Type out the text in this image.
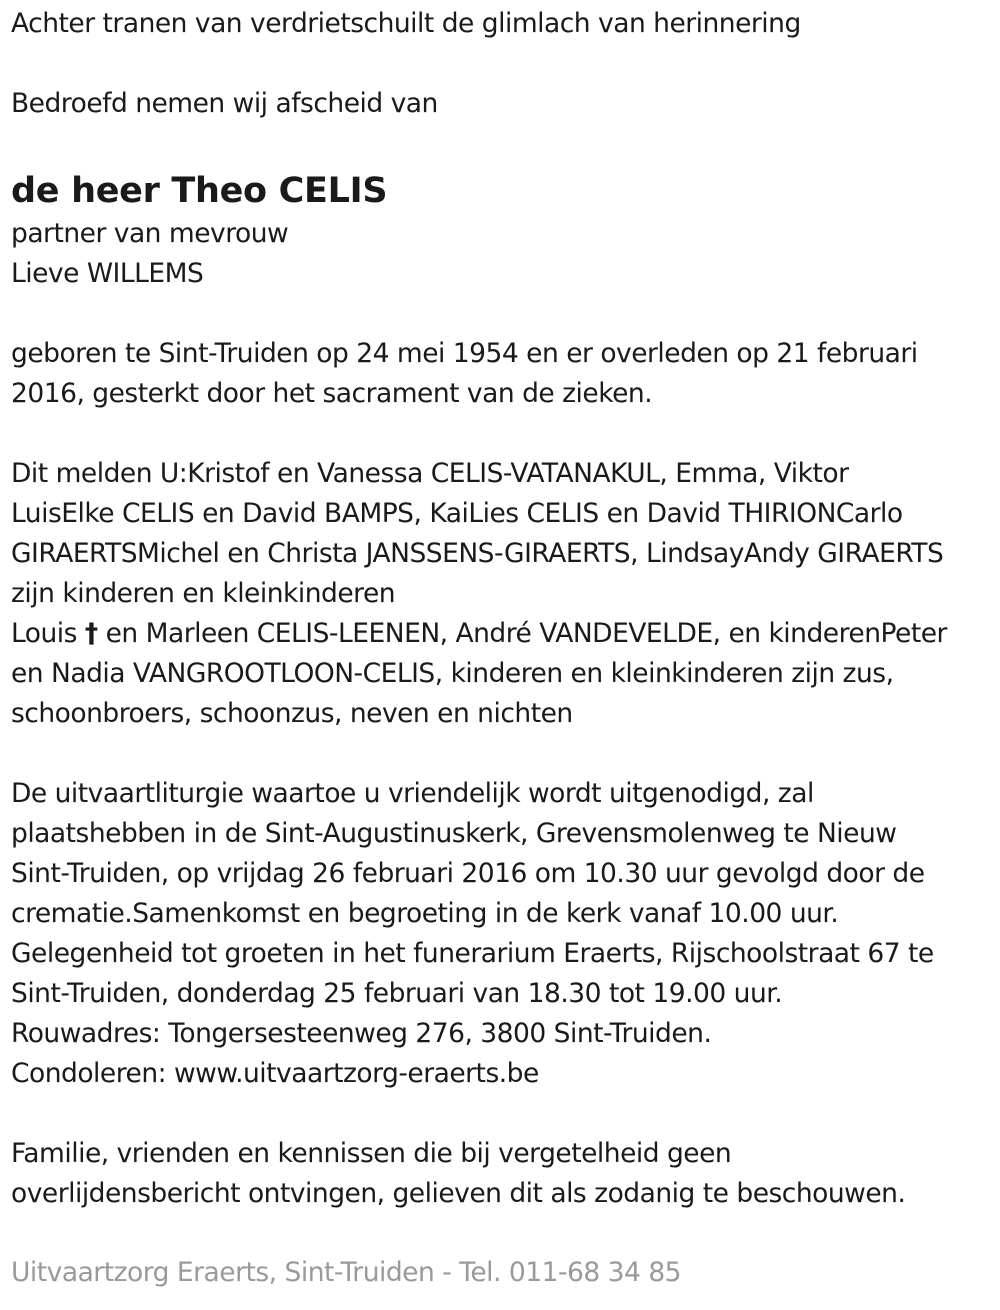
Achter tranen van verdrietschuilt de glimlach van herinnering
Bedroefd nemen wij afscheid van
de heer Theo CELIS
partner van mevrouw
Lieve WILLEMS
geboren te Sint-Truiden op 24 mei 1954 en er overleden op 21 februari
2016, gesterkt door het sacrament van de zieken.
Dit melden U:Kristof en Vanessa CELIS-VATANAKUL, Emma, Viktor
LuisElke CELIS en David BAMPS, KaiLies CELIS en David THIRIONCarlo
GIRAERTSMichel en Christa JANSSENS-GIRAERTS, LindsayAndy GIRAERTS
zijn kinderen en kleinkinderen
Louis † en Marleen CELIS-LEENEN, André VANDEVELDE, en kinderenPeter
en Nadia VANGROOTLOON-CELIS, kinderen en kleinkinderen zijn zus,
schoonbroers, schoonzus, neven en nichten
De uitvaartliturgie waartoe u vriendelijk wordt uitgenodigd, zal
plaatshebben in de Sint-Augustinuskerk, Grevensmolenweg te Nieuw
Sint-Truiden, op vrijdag 26 februari 2016 om 10.30 uur gevolgd door de
crematie.Samenkomst en begroeting in de kerk vanaf 10.00 uur.
Gelegenheid tot groeten in het funerarium Eraerts, Rijschoolstraat 67 te
Sint-Truiden, donderdag 25 februari van 18.30 tot 19.00 uur.
Rouwadres: Tongersesteenweg 276, 3800 Sint-Truiden.
Condoleren: www.uitvaartzorg-eraerts.be
Familie, vrienden en kennissen die bij vergetelheid geen
overlijdensbericht ontvingen, gelieven dit als zodanig te beschouwen.
Uitvaartzorg Eraerts, Sint-Truiden - Tel. 011-68 34 85
